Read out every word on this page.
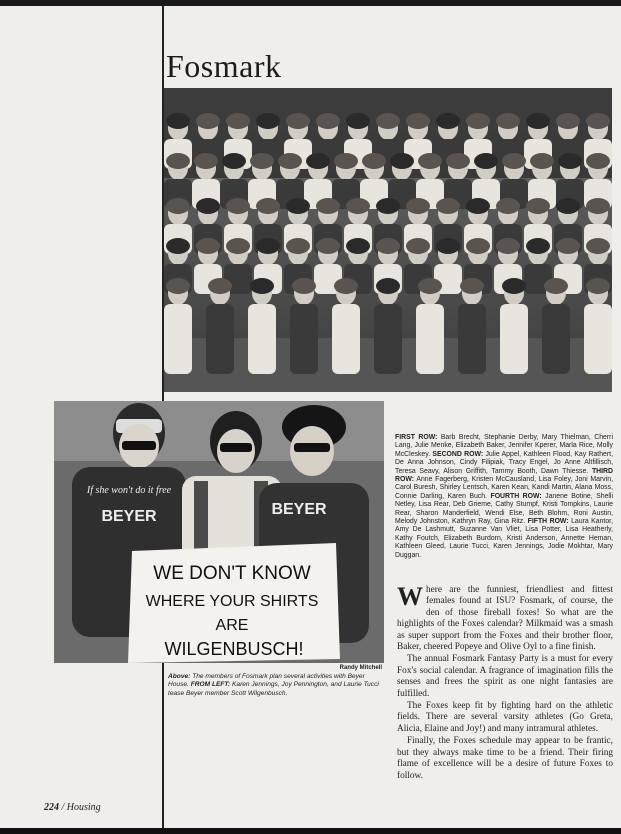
Fosmark
If she won't do it free
BEYER	BEYER
WE DON'T KNOW
WHERE YOUR SHIRTS
ARE
WILGENBUSCH!
Randy Mitchell
Above: The members of Fosmark plan several activities with Beyer House. FROM LEFT: Karen Jennings, Joy Pennington, and Laurie Tucci tease Beyer member Scott Wilgenbusch.
FIRST ROW: Barb Brecht, Stephanie Derby, Mary Thielman, Cherri Lang, Julie Menke, Elizabeth Baker, Jennifer Kperer, Marla Rice, Molly McCleskey. SECOND ROW: Julie Appel, Kathleen Flood, Kay Rathert, De Anna Johnson, Cindy Filipiak, Tracy Engel, Jo Anne Altfillisch, Teresa Seavy, Alison Griffith, Tammy Booth, Dawn Thiesse. THIRD ROW: Anne Fagerberg, Kristen McCausland, Lisa Foley, Joni Marvin, Carol Buresh, Shirley Lentsch, Karen Kean, Kandi Martin, Alana Moss, Connie Darling, Karen Buch. FOURTH ROW: Janene Botine, Shelli Netley, Lisa Rear, Deb Grieme, Cathy Stumpf, Kristi Tompkins, Laurie Rear, Sharon Manderfield, Wendi Else, Beth Blohm, Roni Austin, Melody Johnston, Kathryn Ray, Gina Ritz. FIFTH ROW: Laura Kantor, Amy De Lashmutt, Suzanne Van Vliet, Lisa Potter, Lisa Heatherly, Kathy Foutch, Elizabeth Burdorn, Kristi Anderson, Annette Heman, Kathleen Gleed, Laurie Tucci, Karen Jennings, Jodie Mokhtar, Mary Duggan.

Where are the funniest, friendliest and fittest females found at ISU? Fosmark, of course, the den of those fireball foxes! So what are the highlights of the Foxes calendar? Milkmaid was a smash as super support from the Foxes and their brother floor, Baker, cheered Popeye and Olive Oyl to a fine finish.

The annual Fosmark Fantasy Party is a must for every Fox's social calendar. A fragrance of imagination fills the senses and frees the spirit as one night fantasies are fulfilled.

The Foxes keep fit by fighting hard on the athletic fields. There are several varsity athletes (Go Greta, Alicia, Elaine and Joy!) and many intramural athletes.

Finally, the Foxes schedule may appear to be frantic, but they always make time to be a friend. Their firing flame of excellence will be a desire of future Foxes to follow.

224 / Housing
